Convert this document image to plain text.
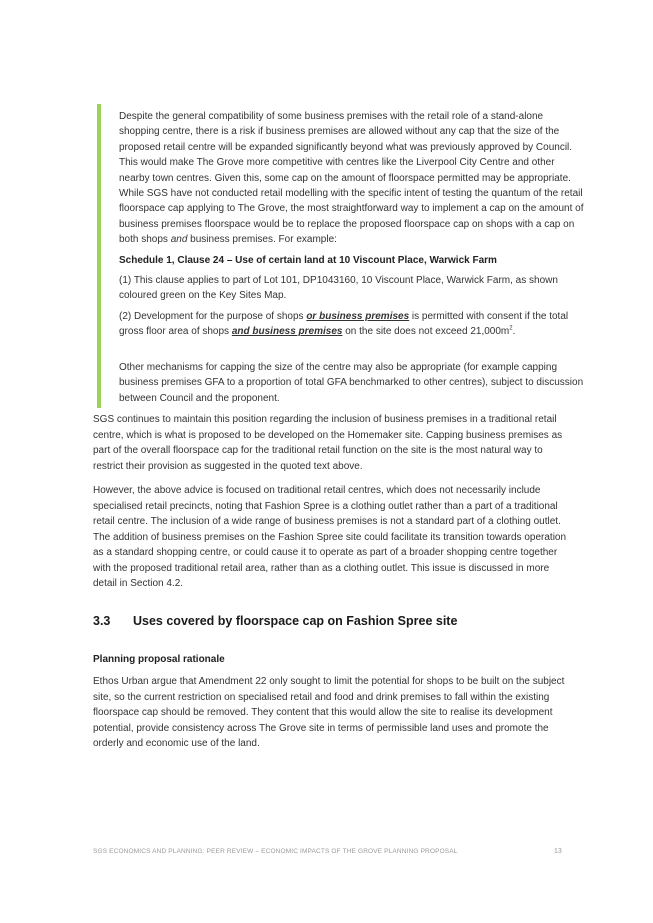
Despite the general compatibility of some business premises with the retail role of a stand-alone shopping centre, there is a risk if business premises are allowed without any cap that the size of the proposed retail centre will be expanded significantly beyond what was previously approved by Council. This would make The Grove more competitive with centres like the Liverpool City Centre and other nearby town centres. Given this, some cap on the amount of floorspace permitted may be appropriate. While SGS have not conducted retail modelling with the specific intent of testing the quantum of the retail floorspace cap applying to The Grove, the most straightforward way to implement a cap on the amount of business premises floorspace would be to replace the proposed floorspace cap on shops with a cap on both shops and business premises. For example:

Schedule 1, Clause 24 – Use of certain land at 10 Viscount Place, Warwick Farm

(1) This clause applies to part of Lot 101, DP1043160, 10 Viscount Place, Warwick Farm, as shown coloured green on the Key Sites Map.

(2) Development for the purpose of shops or business premises is permitted with consent if the total gross floor area of shops and business premises on the site does not exceed $21,000m^2$.

Other mechanisms for capping the size of the centre may also be appropriate (for example capping business premises GFA to a proportion of total GFA benchmarked to other centres), subject to discussion between Council and the proponent.

SGS continues to maintain this position regarding the inclusion of business premises in a traditional retail centre, which is what is proposed to be developed on the Homemaker site. Capping business premises as part of the overall floorspace cap for the traditional retail function on the site is the most natural way to restrict their provision as suggested in the quoted text above.

However, the above advice is focused on traditional retail centres, which does not necessarily include specialised retail precincts, noting that Fashion Spree is a clothing outlet rather than a part of a traditional retail centre. The inclusion of a wide range of business premises is not a standard part of a clothing outlet. The addition of business premises on the Fashion Spree site could facilitate its transition towards operation as a standard shopping centre, or could cause it to operate as part of a broader shopping centre together with the proposed traditional retail area, rather than as a clothing outlet. This issue is discussed in more detail in Section 4.2.

3.3 Uses covered by floorspace cap on Fashion Spree site
Planning proposal rationale

Ethos Urban argue that Amendment 22 only sought to limit the potential for shops to be built on the subject site, so the current restriction on specialised retail and food and drink premises to fall within the existing floorspace cap should be removed. They content that this would allow the site to realise its development potential, provide consistency across The Grove site in terms of permissible land uses and promote the orderly and economic use of the land.

SGS ECONOMICS AND PLANNING: PEER REVIEW – ECONOMIC IMPACTS OF THE GROVE PLANNING PROPOSAL	13
